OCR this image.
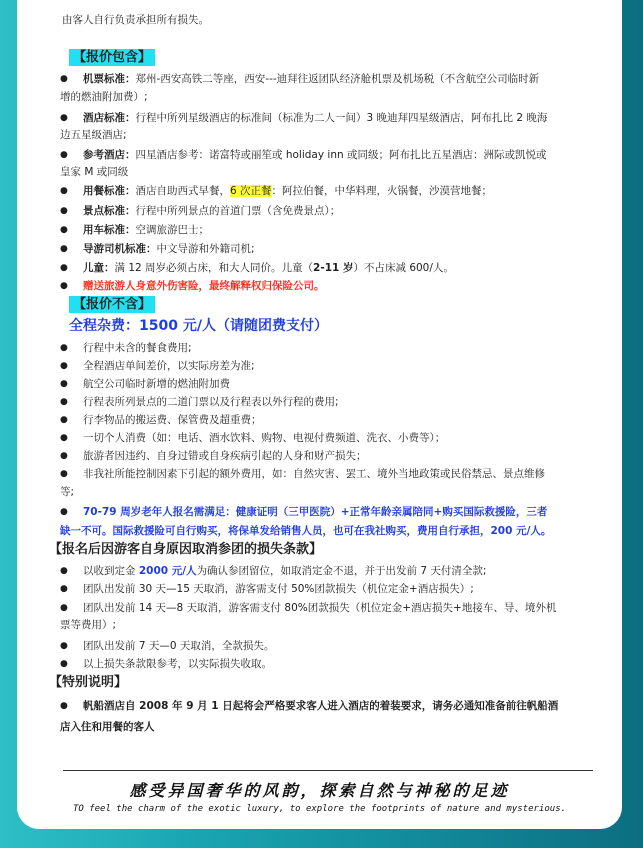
由客人自行负责承担所有损失。
【报价包含】
● 机票标准：郑州-西安高铁二等座，西安---迪拜往返团队经济舱机票及机场税（不含航空公司临时新
增的燃油附加费）;
● 酒店标准：行程中所列星级酒店的标准间（标准为二人一间）3 晚迪拜四星级酒店，阿布扎比 2 晚海
边五星级酒店;
● 参考酒店：四星酒店参考：诺富特或丽笙或 holiday inn 或同级；阿布扎比五星酒店：洲际或凯悦或
皇家 M 或同级
● 用餐标准：酒店自助西式早餐，6 次正餐：阿拉伯餐，中华料理，火锅餐，沙漠营地餐；
● 景点标准：行程中所列景点的首道门票（含免费景点）；
● 用车标准：空调旅游巴士；
● 导游司机标准：中文导游和外籍司机;
● 儿童：满 12 周岁必须占床，和大人同价。儿童（2-11 岁）不占床减 600/人。
● 赠送旅游人身意外伤害险，最终解释权归保险公司。
【报价不含】
全程杂费：1500 元/人（请随团费支付）
● 行程中未含的餐食费用;
● 全程酒店单间差价，以实际房差为准;
● 航空公司临时新增的燃油附加费
● 行程表所列景点的二道门票以及行程表以外行程的费用;
● 行李物品的搬运费、保管费及超重费；
● 一切个人消费（如：电话、酒水饮料、购物、电视付费频道、洗衣、小费等）；
● 旅游者因违约、自身过错或自身疾病引起的人身和财产损失；
● 非我社所能控制因素下引起的额外费用，如：自然灾害、罢工、境外当地政策或民俗禁忌、景点维修
等;
● 70-79 周岁老年人报名需满足：健康证明（三甲医院）+正常年龄亲属陪同+购买国际救援险，三者
缺一不可。国际救援险可自行购买，将保单发给销售人员，也可在我社购买，费用自行承担，200 元/人。
【报名后因游客自身原因取消参团的损失条款】
● 以收到定金 2000 元/人为确认参团留位，如取消定金不退，并于出发前 7 天付清全款;
● 团队出发前 30 天—15 天取消，游客需支付 50%团款损失（机位定金+酒店损失）;
● 团队出发前 14 天—8 天取消，游客需支付 80%团款损失（机位定金+酒店损失+地接车、导、境外机
票等费用）;
● 团队出发前 7 天—0 天取消，全款损失。
● 以上损失条款限参考，以实际损失收取。
【特别说明】
● 帆船酒店自 2008 年 9 月 1 日起将会严格要求客人进入酒店的着装要求，请务必通知准备前往帆船酒
店入住和用餐的客人
感受异国奢华的风韵，探索自然与神秘的足迹
TO feel the charm of the exotic luxury, to explore the footprints of nature and mysterious.
